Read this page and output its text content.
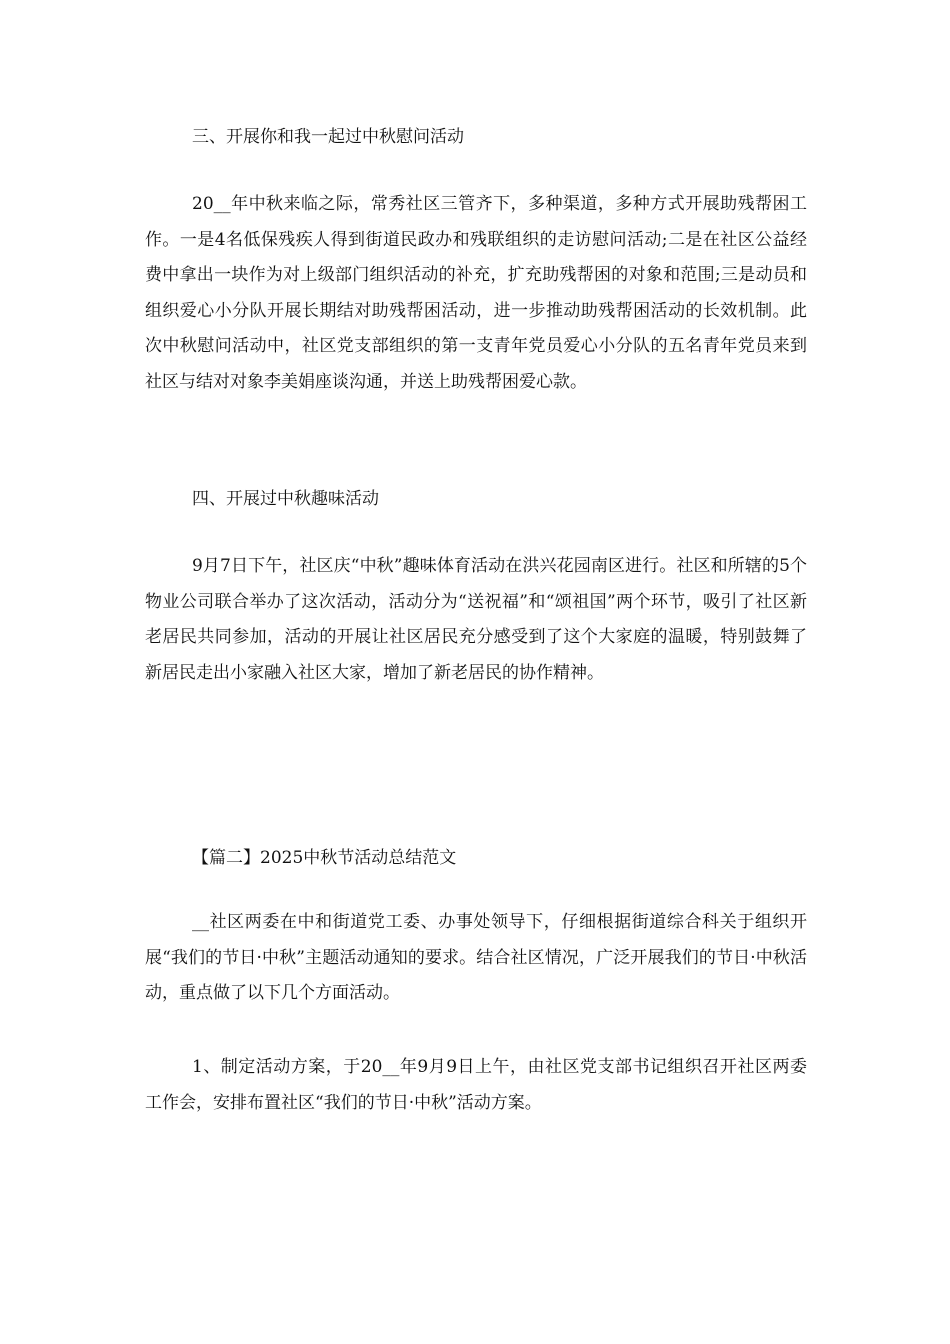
三、开展你和我一起过中秋慰问活动

20__年中秋来临之际，常秀社区三管齐下，多种渠道，多种方式开展助残帮困工作。一是4名低保残疾人得到街道民政办和残联组织的走访慰问活动;二是在社区公益经费中拿出一块作为对上级部门组织活动的补充，扩充助残帮困的对象和范围;三是动员和组织爱心小分队开展长期结对助残帮困活动，进一步推动助残帮困活动的长效机制。此次中秋慰问活动中，社区党支部组织的第一支青年党员爱心小分队的五名青年党员来到社区与结对对象李美娟座谈沟通，并送上助残帮困爱心款。

四、开展过中秋趣味活动

9月7日下午，社区庆“中秋”趣味体育活动在洪兴花园南区进行。社区和所辖的5个物业公司联合举办了这次活动，活动分为“送祝福”和“颂祖国”两个环节，吸引了社区新老居民共同参加，活动的开展让社区居民充分感受到了这个大家庭的温暖，特别鼓舞了新居民走出小家融入社区大家，增加了新老居民的协作精神。

【篇二】2025中秋节活动总结范文

__社区两委在中和街道党工委、办事处领导下，仔细根据街道综合科关于组织开展“我们的节日·中秋”主题活动通知的要求。结合社区情况，广泛开展我们的节日·中秋活动，重点做了以下几个方面活动。

1、制定活动方案，于20__年9月9日上午，由社区党支部书记组织召开社区两委工作会，安排布置社区“我们的节日·中秋”活动方案。
